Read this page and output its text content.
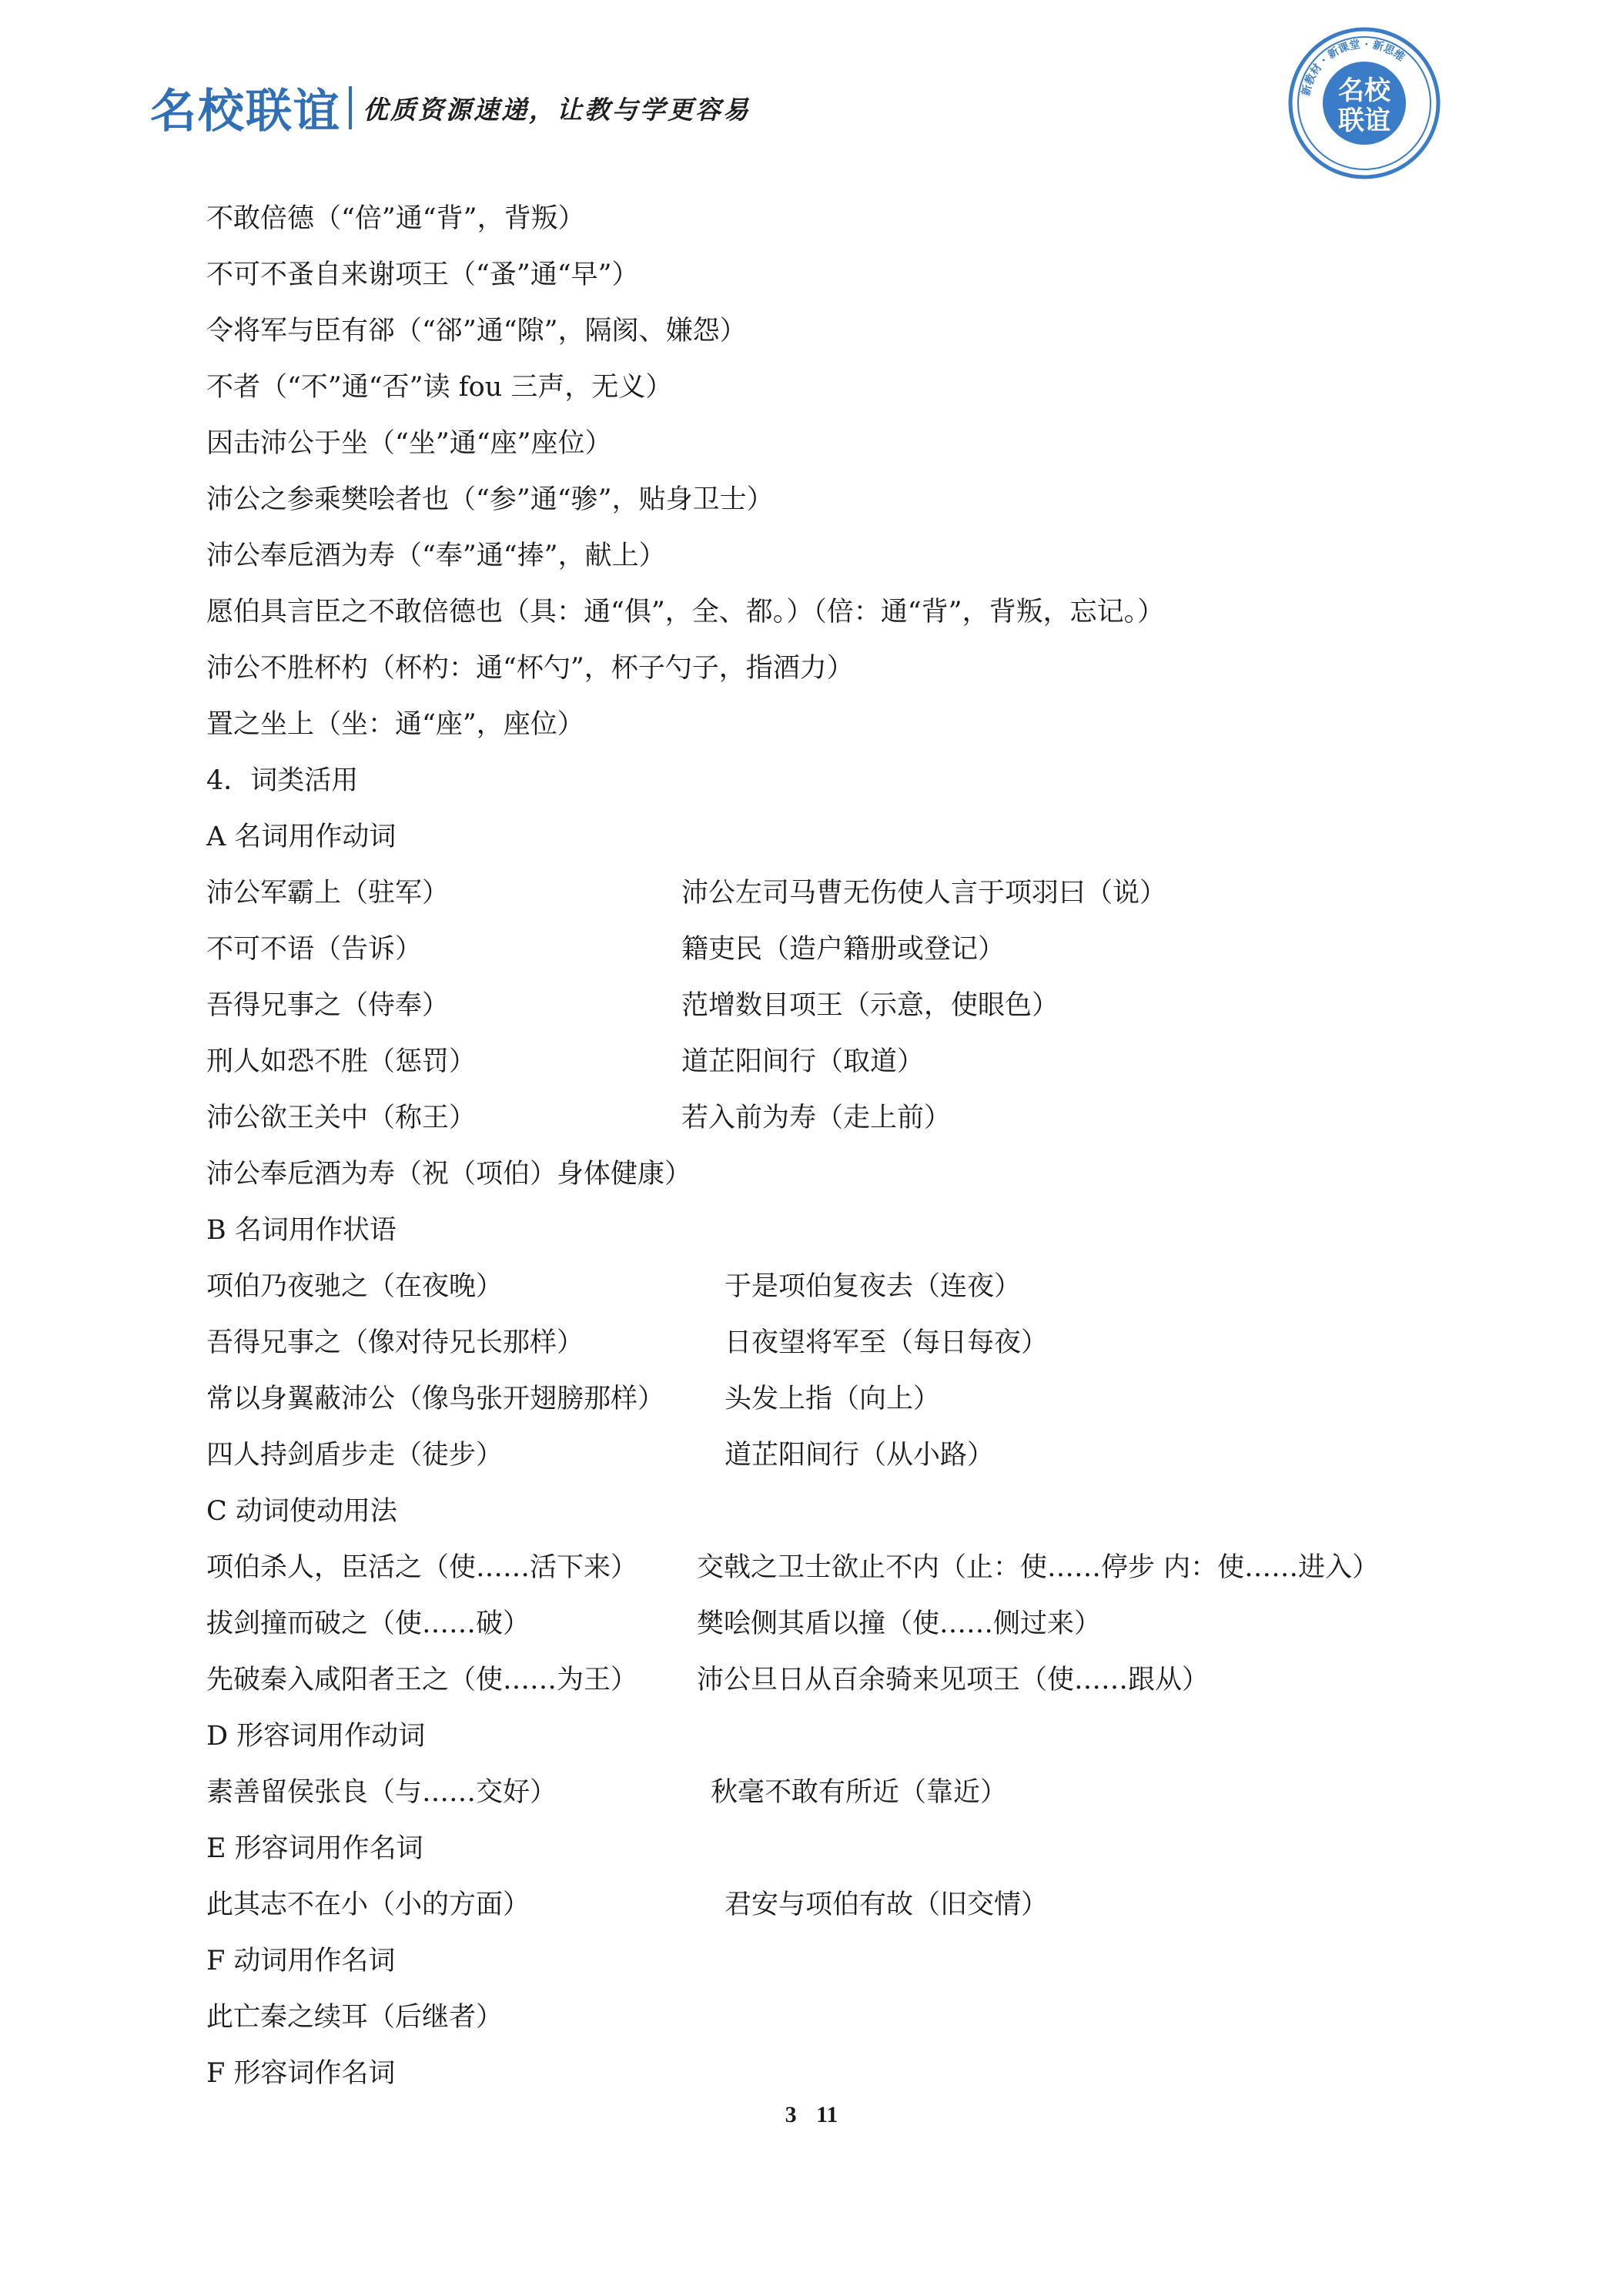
名校联谊 优质资源速递，让教与学更容易
新教材 · 新课堂 · 新思维
名校
联谊
不敢倍德（“倍”通“背”，背叛）
不可不蚤自来谢项王（“蚤”通“早”）
令将军与臣有郤（“郤”通“隙”，隔阂、嫌怨）
不者（“不”通“否”读 fou 三声，无义）
因击沛公于坐（“坐”通“座”座位）
沛公之参乘樊哙者也（“参”通“骖”，贴身卫士）
沛公奉卮酒为寿（“奉”通“捧”，献上）
愿伯具言臣之不敢倍德也（具：通“俱”，全、都。）（倍：通“背”，背叛，忘记。）
沛公不胜杯杓（杯杓：通“杯勺”，杯子勺子，指酒力）
置之坐上（坐：通“座”，座位）
4．词类活用
A 名词用作动词
沛公军霸上（驻军）	沛公左司马曹无伤使人言于项羽曰（说）
不可不语（告诉）	籍吏民（造户籍册或登记）
吾得兄事之（侍奉）	范增数目项王（示意，使眼色）
刑人如恐不胜（惩罚）	道芷阳间行（取道）
沛公欲王关中（称王）	若入前为寿（走上前）
沛公奉卮酒为寿（祝（项伯）身体健康）
B 名词用作状语
项伯乃夜驰之（在夜晚）	于是项伯复夜去（连夜）
吾得兄事之（像对待兄长那样）	日夜望将军至（每日每夜）
常以身翼蔽沛公（像鸟张开翅膀那样） 头发上指（向上）
四人持剑盾步走（徒步）	道芷阳间行（从小路）
C 动词使动用法
项伯杀人，臣活之（使……活下来） 交戟之卫士欲止不内（止：使……停步 内：使……进入）
拔剑撞而破之（使……破）	樊哙侧其盾以撞（使……侧过来）
先破秦入咸阳者王之（使……为王） 沛公旦日从百余骑来见项王（使……跟从）
D 形容词用作动词
素善留侯张良（与……交好）	秋毫不敢有所近（靠近）
E 形容词用作名词
此其志不在小（小的方面）	君安与项伯有故（旧交情）
F 动词用作名词
此亡秦之续耳（后继者）
F 形容词作名词
3 11
